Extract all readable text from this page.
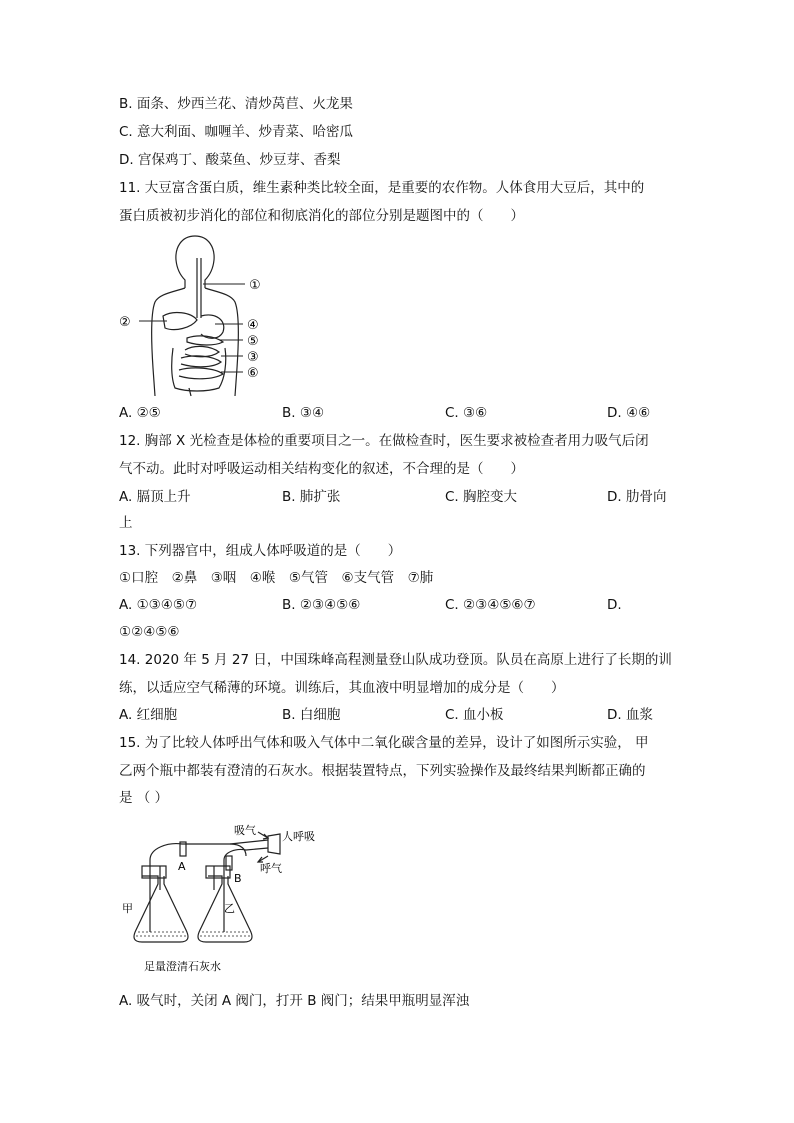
B. 面条、炒西兰花、清炒莴苣、火龙果
C. 意大利面、咖喱羊、炒青菜、哈密瓜
D. 宫保鸡丁、酸菜鱼、炒豆芽、香梨
11. 大豆富含蛋白质，维生素种类比较全面，是重要的农作物。人体食用大豆后，其中的
蛋白质被初步消化的部位和彻底消化的部位分别是题图中的（　　）
①
②	④
⑤
③
⑥
A. ②⑤	B. ③④	C. ③⑥	D. ④⑥
12. 胸部 X 光检查是体检的重要项目之一。在做检查时，医生要求被检查者用力吸气后闭
气不动。此时对呼吸运动相关结构变化的叙述，不合理的是（　　）
A. 膈顶上升	B. 肺扩张	C. 胸腔变大	D. 肋骨向
上
13. 下列器官中，组成人体呼吸道的是（　　）
①口腔　②鼻　③咽　④喉　⑤气管　⑥支气管　⑦肺
A. ①③④⑤⑦	B. ②③④⑤⑥	C. ②③④⑤⑥⑦	D.
①②④⑤⑥
14. 2020 年 5 月 27 日，中国珠峰高程测量登山队成功登顶。队员在高原上进行了长期的训
练，以适应空气稀薄的环境。训练后，其血液中明显增加的成分是（　　）
A. 红细胞	B. 白细胞	C. 血小板	D. 血浆
15. 为了比较人体呼出气体和吸入气体中二氧化碳含量的差异，设计了如图所示实验， 甲
乙两个瓶中都装有澄清的石灰水。根据装置特点，下列实验操作及最终结果判断都正确的
是 （ ）
吸气 人呼吸
呼气
A
B
甲	乙
足量澄清石灰水
A. 吸气时，关闭 A 阀门，打开 B 阀门；结果甲瓶明显浑浊
